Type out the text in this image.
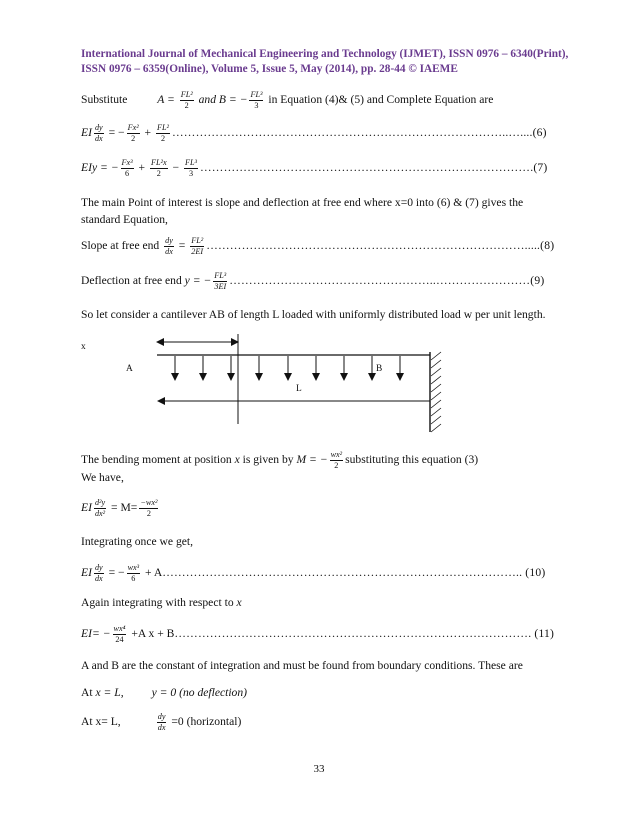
International Journal of Mechanical Engineering and Technology (IJMET), ISSN 0976 – 6340(Print),
ISSN 0976 – 6359(Online), Volume 5, Issue 5, May (2014), pp. 28-44 © IAEME
Substitute	$A = \frac{\text{FL²}}{2}$ and B = − $\frac{\text{FL³}}{3}$ in Equation (4)& (5) and Complete Equation are
EI $\frac{dy}{dx}$ = − $\frac{\text{Fx²}}{2} + \frac{\text{FL²}}{2}$ …………………………………………………………………………..…....(6)
EIy = − $\frac{\text{Fx³}}{6} + \frac{\text{FL²x}}{2} - \frac{\text{FL³}}{3}$ ………………………………………………………………………….(7)
The main Point of interest is slope and deflection at free end where x=0 into (6) & (7) gives the
standard Equation,
Slope at free end $\frac{dy}{dx} = \frac{\text{FL²}}{2EI}$ ……………………………………………………………………….....(8)
Deflection at free end y = − $\frac{\text{FL³}}{3EI}$ ……………………………………………..……………………(9)
So let consider a cantilever AB of length L loaded with uniformly distributed load w per unit length.
x
A	B
L
The bending moment at position x is given by M = − $\frac{\text{wx²}}{2}$ substituting this equation (3)
We have,
EI $\frac{\text{d²y}}{\text{dx²}} = M= \frac{\text{−wx²}}{2}$
Integrating once we get,
EI $\frac{dy}{dx}$ = − $\frac{\text{wx³}}{6}$ + A……………………………………………………………………………….. (10)
Again integrating with respect to x
$EI= - \frac{\text{wx⁴}}{24} +A$ x + B………………………………………………………………………………. (11)
A and B are the constant of integration and must be found from boundary conditions. These are
At x = L, y = 0 (no deflection)
At x= L,	$\frac{dy}{dx} =0$ (horizontal)
33
